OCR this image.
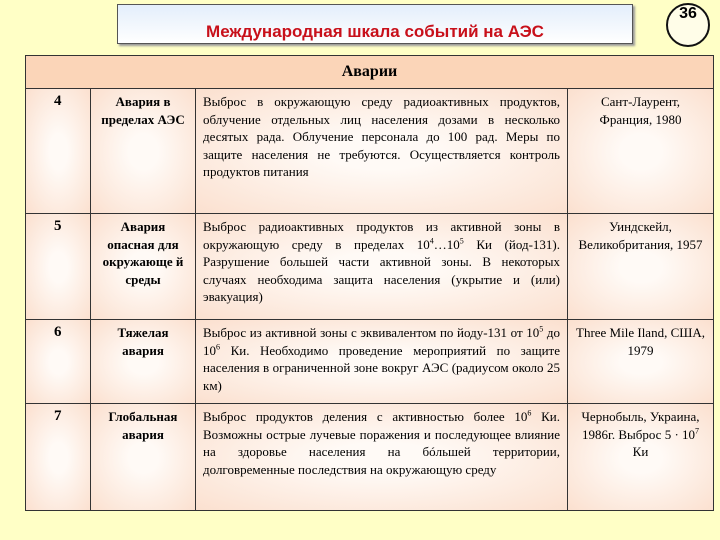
Международная шкала событий на АЭС
36
Аварии			
4	Авария в пределах АЭС	Выброс в окружающую среду радиоактивных продуктов, облучение отдельных лиц населения дозами в несколько десятых рада. Облучение персонала до 100 рад. Меры по защите населения не требуются. Осуществляется контроль продуктов питания	Сант-Лаурент, Франция, 1980
5	Авария опасная для окружающе й среды	Выброс радиоактивных продуктов из активной зоны в окружающую среду в пределах $10^4\dots 10^5$ Ки (йод-131). Разрушение большей части активной зоны. В некоторых случаях необходима защита населения (укрытие и (или) эвакуация)	Уиндскейл, Великобритания, 1957
6	Тяжелая авария	Выброс из активной зоны с эквивалентом по йоду-131 от $10^5$ до $10^6$ Ки. Необходимо проведение мероприятий по защите населения в ограниченной зоне вокруг АЭС (радиусом около 25 км)	Three Mile Iland, США, 1979
7	Глобальная авария	Выброс продуктов деления с активностью более $10^6$ Ки. Возможны острые лучевые поражения и последующее влияние на здоровье населения на бóльшей территории, долговременные последствия на окружающую среду	Чернобыль, Украина, 1986г. Выброс $5 \cdot 10^7$ Ки
